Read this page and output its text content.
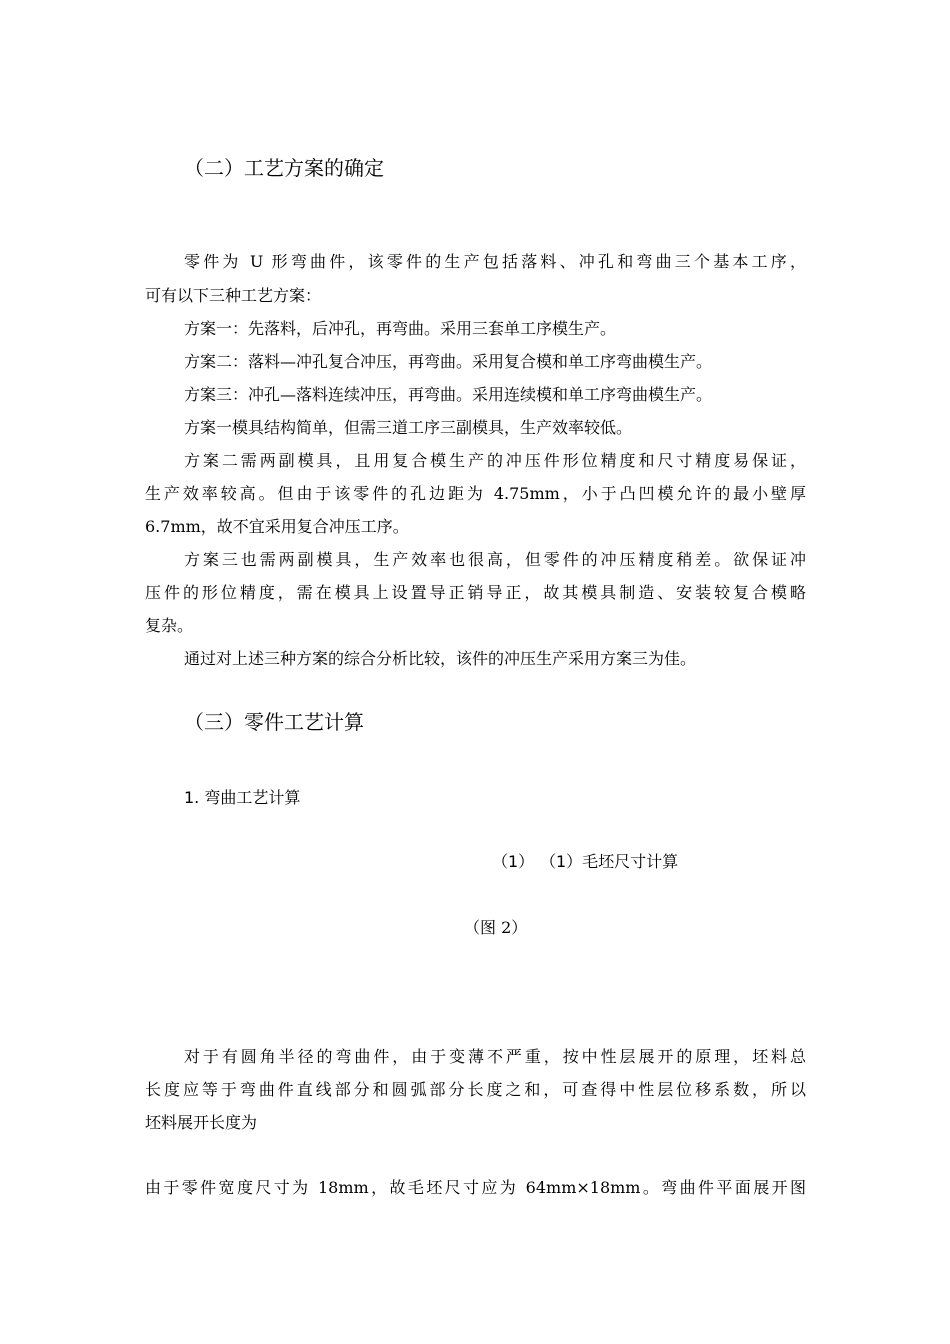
（二）工艺方案的确定
零件为 U 形弯曲件，该零件的生产包括落料、冲孔和弯曲三个基本工序，
可有以下三种工艺方案：
方案一：先落料，后冲孔，再弯曲。采用三套单工序模生产。
方案二：落料—冲孔复合冲压，再弯曲。采用复合模和单工序弯曲模生产。
方案三：冲孔—落料连续冲压，再弯曲。采用连续模和单工序弯曲模生产。
方案一模具结构简单，但需三道工序三副模具，生产效率较低。
方案二需两副模具，且用复合模生产的冲压件形位精度和尺寸精度易保证，
生产效率较高。但由于该零件的孔边距为 4.75mm，小于凸凹模允许的最小壁厚
6.7mm，故不宜采用复合冲压工序。
方案三也需两副模具，生产效率也很高，但零件的冲压精度稍差。欲保证冲
压件的形位精度，需在模具上设置导正销导正，故其模具制造、安装较复合模略
复杂。
通过对上述三种方案的综合分析比较，该件的冲压生产采用方案三为佳。
（三）零件工艺计算
1. 弯曲工艺计算
（1） （1）毛坯尺寸计算
（图 2）
对于有圆角半径的弯曲件，由于变薄不严重，按中性层展开的原理，坯料总
长度应等于弯曲件直线部分和圆弧部分长度之和，可查得中性层位移系数，所以
坯料展开长度为
由于零件宽度尺寸为 18mm，故毛坯尺寸应为 64mm×18mm。弯曲件平面展开图
